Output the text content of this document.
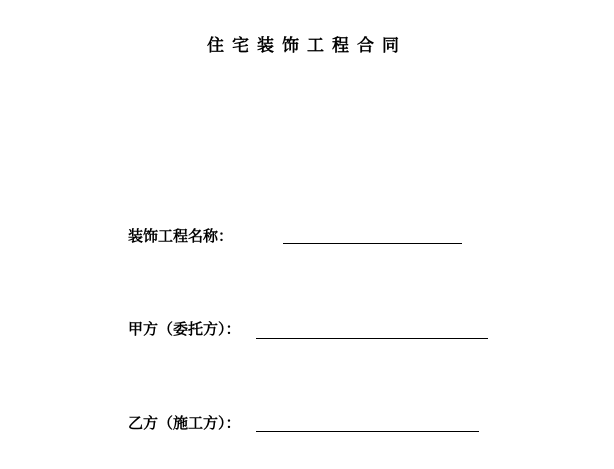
住宅装饰工程合同
装饰工程名称：
甲方（委托方）：
乙方（施工方）：
